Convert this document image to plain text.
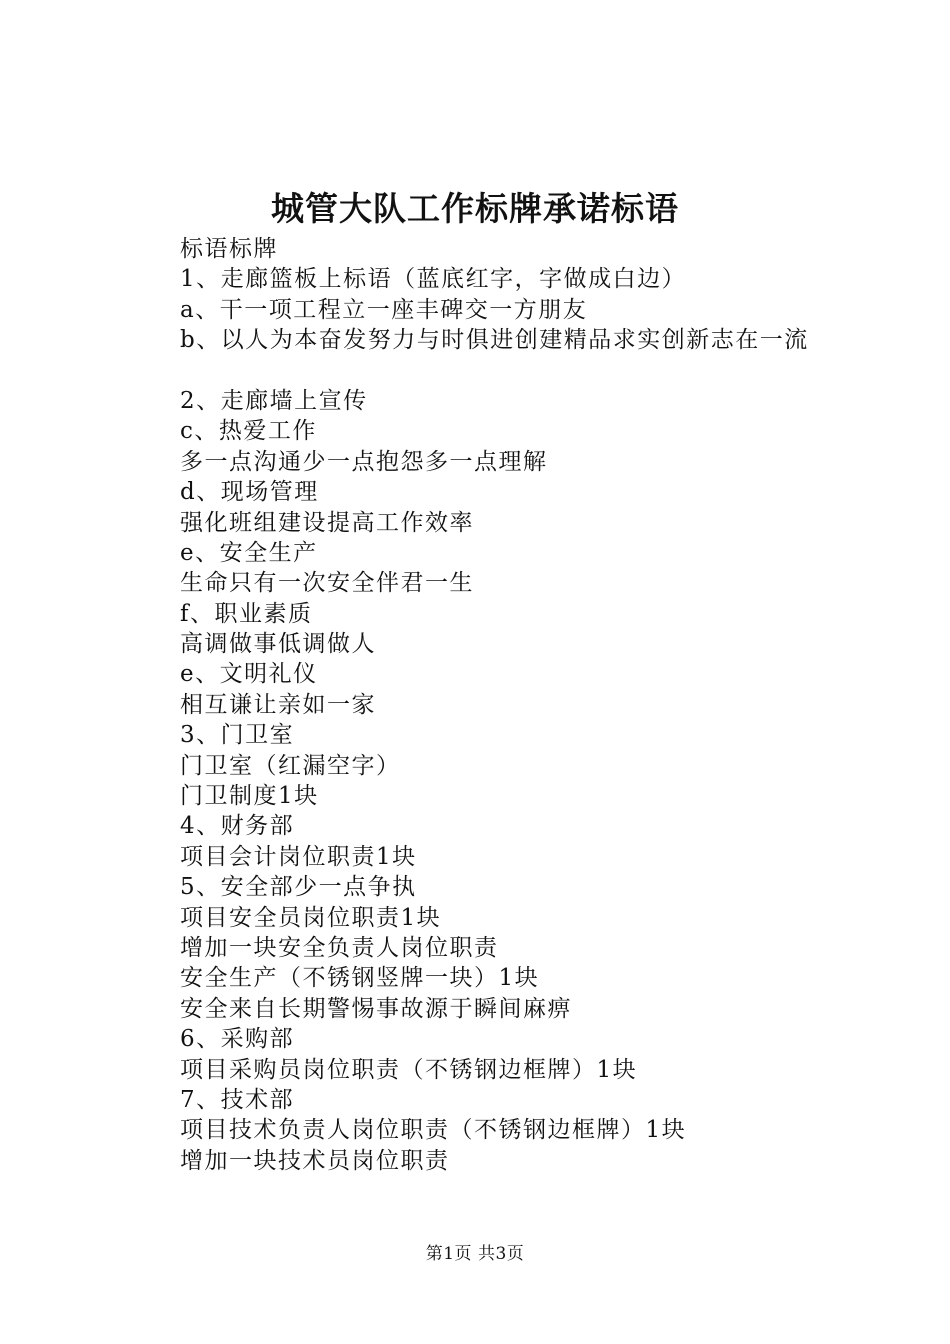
城管大队工作标牌承诺标语
标语标牌
1、走廊篮板上标语（蓝底红字，字做成白边）
a、干一项工程立一座丰碑交一方朋友
b、以人为本奋发努力与时俱进创建精品求实创新志在一流
2、走廊墙上宣传
c、热爱工作
多一点沟通少一点抱怨多一点理解
d、现场管理
强化班组建设提高工作效率
e、安全生产
生命只有一次安全伴君一生
f、职业素质
高调做事低调做人
e、文明礼仪
相互谦让亲如一家
3、门卫室
门卫室（红漏空字）
门卫制度1块
4、财务部
项目会计岗位职责1块
5、安全部少一点争执
项目安全员岗位职责1块
增加一块安全负责人岗位职责
安全生产（不锈钢竖牌一块）1块
安全来自长期警惕事故源于瞬间麻痹
6、采购部
项目采购员岗位职责（不锈钢边框牌）1块
7、技术部
项目技术负责人岗位职责（不锈钢边框牌）1块
增加一块技术员岗位职责
第1页 共3页
